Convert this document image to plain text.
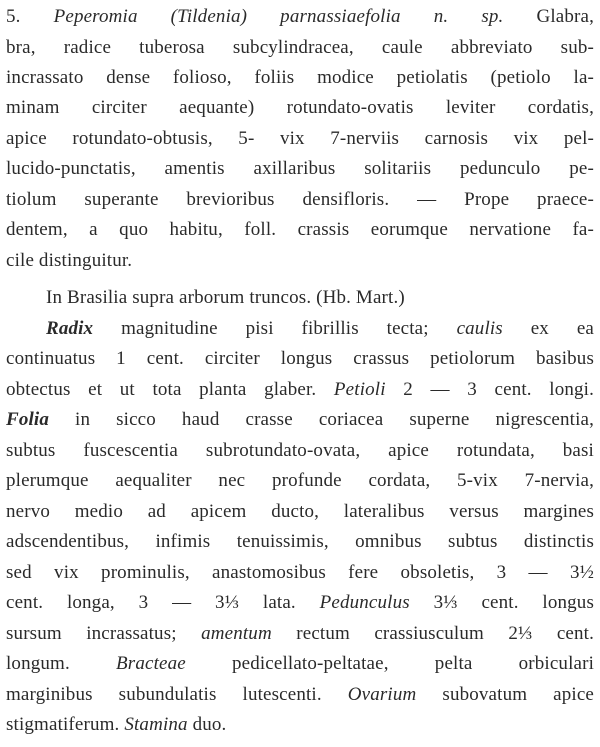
5. Peperomia (Tildenia) parnassiaefolia n. sp. Glabra,
bra, radice tuberosa subcylindracea, caule abbreviato sub-
incrassato dense folioso, foliis modice petiolatis (petiolo la-
minam circiter aequante) rotundato-ovatis leviter cordatis,
apice rotundato-obtusis, 5- vix 7-nerviis carnosis vix pel-
lucido-punctatis, amentis axillaribus solitariis pedunculo pe-
tiolum superante brevioribus densifloris. — Prope praece-
dentem, a quo habitu, foll. crassis eorumque nervatione fa-
cile distinguitur.
In Brasilia supra arborum truncos. (Hb. Mart.)
Radix magnitudine pisi fibrillis tecta; caulis ex ea
continuatus 1 cent. circiter longus crassus petiolorum basibus
obtectus et ut tota planta glaber. Petioli 2 — 3 cent. longi.
Folia in sicco haud crasse coriacea superne nigrescentia,
subtus fuscescentia subrotundato-ovata, apice rotundata, basi
plerumque aequaliter nec profunde cordata, 5-vix 7-nervia,
nervo medio ad apicem ducto, lateralibus versus margines
adscendentibus, infimis tenuissimis, omnibus subtus distinctis
sed vix prominulis, anastomosibus fere obsoletis, 3 — 3½
cent. longa, 3 — 3⅓ lata. Pedunculus 3⅓ cent. longus
sursum incrassatus; amentum rectum crassiusculum 2⅓ cent.
longum. Bracteae pedicellato-peltatae, pelta orbiculari
marginibus subundulatis lutescenti. Ovarium subovatum apice
stigmatiferum. Stamina duo.
